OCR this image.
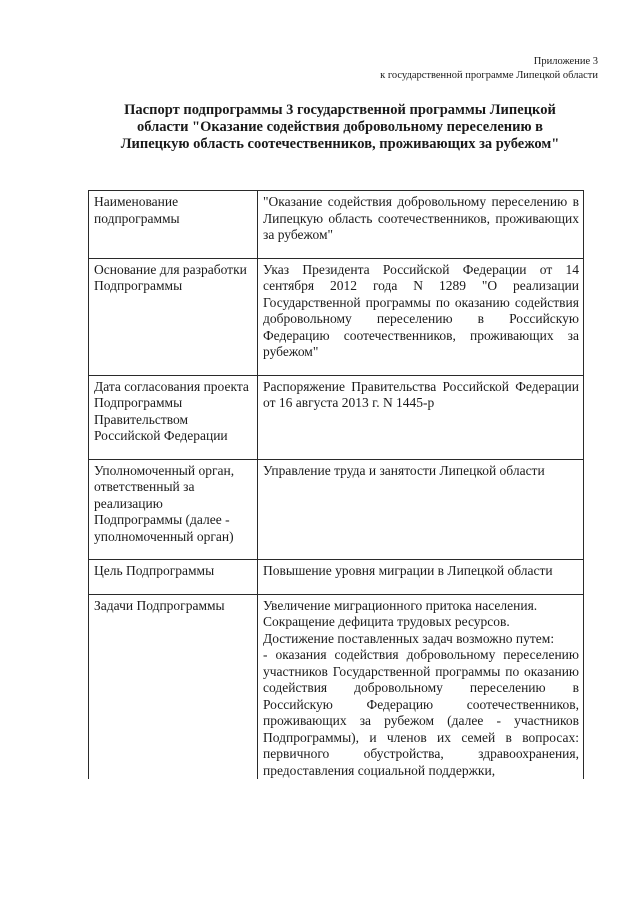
Приложение 3
к государственной программе Липецкой области
Паспорт подпрограммы 3 государственной программы Липецкой области "Оказание содействия добровольному переселению в Липецкую область соотечественников, проживающих за рубежом"
Наименование подпрограммы	"Оказание содействия добровольному переселению в Липецкую область соотечественников, проживающих за рубежом"

Основание для разработки Подпрограммы	Указ Президента Российской Федерации от 14 сентября 2012 года N 1289 "О реализации Государственной программы по оказанию содействия добровольному переселению в Российскую Федерацию соотечественников, проживающих за рубежом"

Дата согласования проекта Подпрограммы Правительством Российской Федерации	Распоряжение Правительства Российской Федерации от 16 августа 2013 г. N 1445-р

Уполномоченный орган, ответственный за реализацию Подпрограммы (далее - уполномоченный орган)	Управление труда и занятости Липецкой области

Цель Подпрограммы	Повышение уровня миграции в Липецкой области

Задачи Подпрограммы	Увеличение миграционного притока населения.
Сокращение дефицита трудовых ресурсов.
Достижение поставленных задач возможно путем:
- оказания содействия добровольному переселению участников Государственной программы по оказанию содействия добровольному переселению в Российскую Федерацию соотечественников, проживающих за рубежом (далее - участников Подпрограммы), и членов их семей в вопросах: первичного обустройства, здравоохранения, предоставления социальной поддержки,
